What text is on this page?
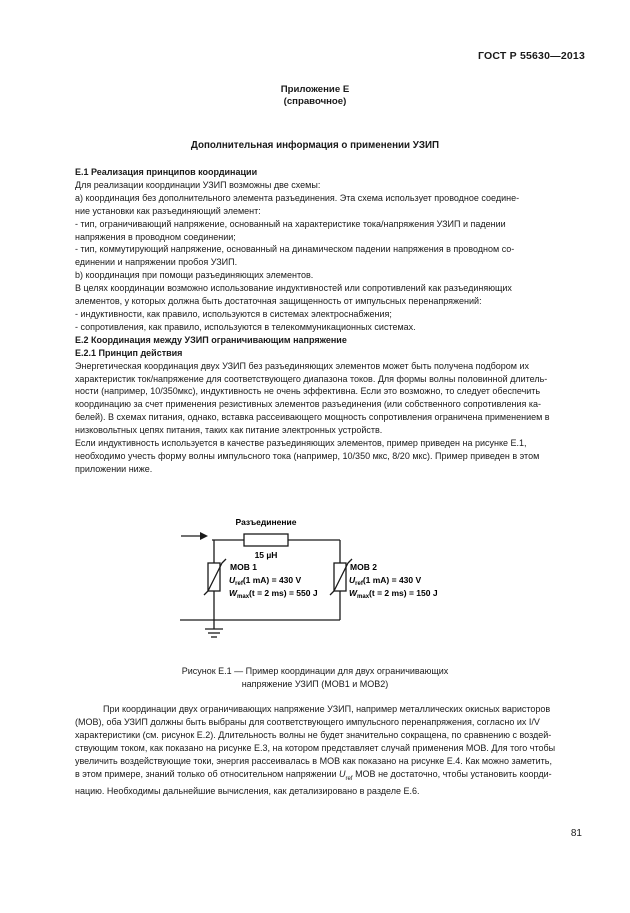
ГОСТ Р 55630—2013
Приложение Е
(справочное)
Дополнительная информация о применении УЗИП

Е.1 Реализация принципов координации

Для реализации координации УЗИП возможны две схемы:

а) координация без дополнительного элемента разъединения. Эта схема использует проводное соедине-

ние установки как разъединяющий элемент:

- тип, ограничивающий напряжение, основанный на характеристике тока/напряжения УЗИП и падении

напряжения в проводном соединении;

- тип, коммутирующий напряжение, основанный на динамическом падении напряжения в проводном со-

единении и напряжении пробоя УЗИП.

b) координация при помощи разъединяющих элементов.

В целях координации возможно использование индуктивностей или сопротивлений как разъединяющих

элементов, у которых должна быть достаточная защищенность от импульсных перенапряжений:

- индуктивности, как правило, используются в системах электроснабжения;

- сопротивления, как правило, используются в телекоммуникационных системах.

Е.2 Координация между УЗИП ограничивающим напряжение

Е.2.1 Принцип действия

Энергетическая координация двух УЗИП без разъединяющих элементов может быть получена подбором их

характеристик ток/напряжение для соответствующего диапазона токов. Для формы волны половинной длитель-

ности (например, 10/350мкс), индуктивность не очень эффективна. Если это возможно, то следует обеспечить

координацию за счет применения резистивных элементов разъединения (или собственного сопротивления ка-

белей). В схемах питания, однако, вставка рассеивающего мощность сопротивления ограничена применением в

низковольтных цепях питания, таких как питание электронных устройств.

Если индуктивность используется в качестве разъединяющих элементов, пример приведен на рисунке Е.1,

необходимо учесть форму волны импульсного тока (например, 10/350 мкс, 8/20 мкс). Пример приведен в этом

приложении ниже.

Разъединение
15 µH
МОВ 1
$U_{ref}(1$ mA) = 430 V
$W_{max}(t = 2$ ms) = 550 J
МОВ 2
$U_{ref}(1$ mA) = 430 V
$W_{max}(t = 2$ ms) = 150 J
Рисунок Е.1 — Пример координации для двух ограничивающих
напряжение УЗИП (МОВ1 и МОВ2)

При координации двух ограничивающих напряжение УЗИП, например металлических окисных варисторов

(МОВ), оба УЗИП должны быть выбраны для соответствующего импульсного перенапряжения, согласно их I/V

характеристики (см. рисунок Е.2). Длительность волны не будет значительно сокращена, по сравнению с воздей-

ствующим током, как показано на рисунке Е.3, на котором представляет случай применения МОВ. Для того чтобы

увеличить воздействующие токи, энергия рассеивалась в МОВ как показано на рисунке Е.4. Как можно заметить,

в этом примере, знаний только об относительном напряжении $U_{ref}$ МОВ не достаточно, чтобы установить коорди-

нацию. Необходимы дальнейшие вычисления, как детализировано в разделе Е.6.

81
